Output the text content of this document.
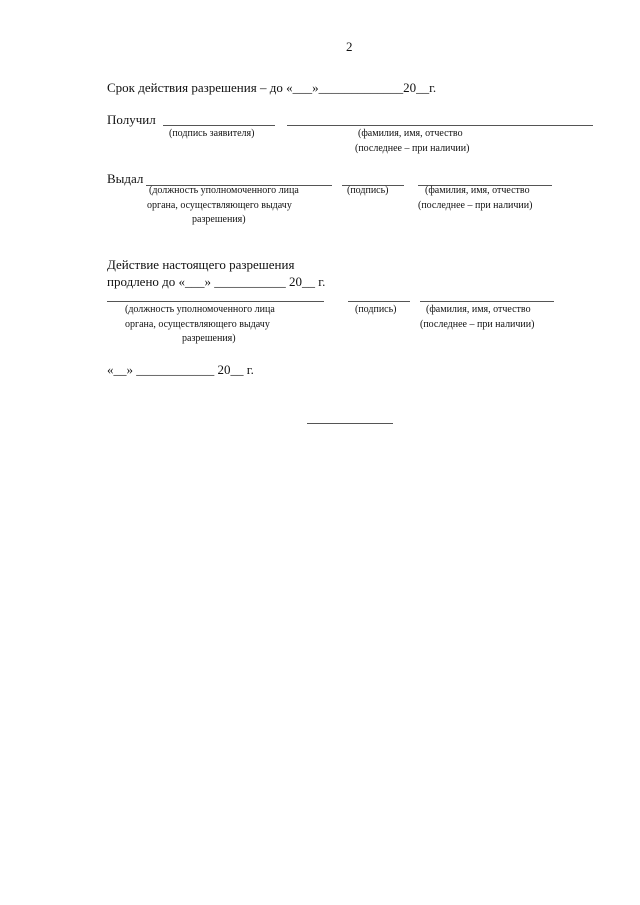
2
Срок действия разрешения – до «___»_____________20__г.
Получил
(подпись заявителя)	(фамилия, имя, отчество
(последнее – при наличии)
Выдал
(должность уполномоченного лица
органа, осуществляющего выдачу
разрешения)
(подпись)	(фамилия, имя, отчество
(последнее – при наличии)
Действие настоящего разрешения
продлено до «___» ___________ 20__ г.
(должность уполномоченного лица
органа, осуществляющего выдачу
разрешения)
(подпись)	(фамилия, имя, отчество
(последнее – при наличии)
«__» ____________ 20__ г.
